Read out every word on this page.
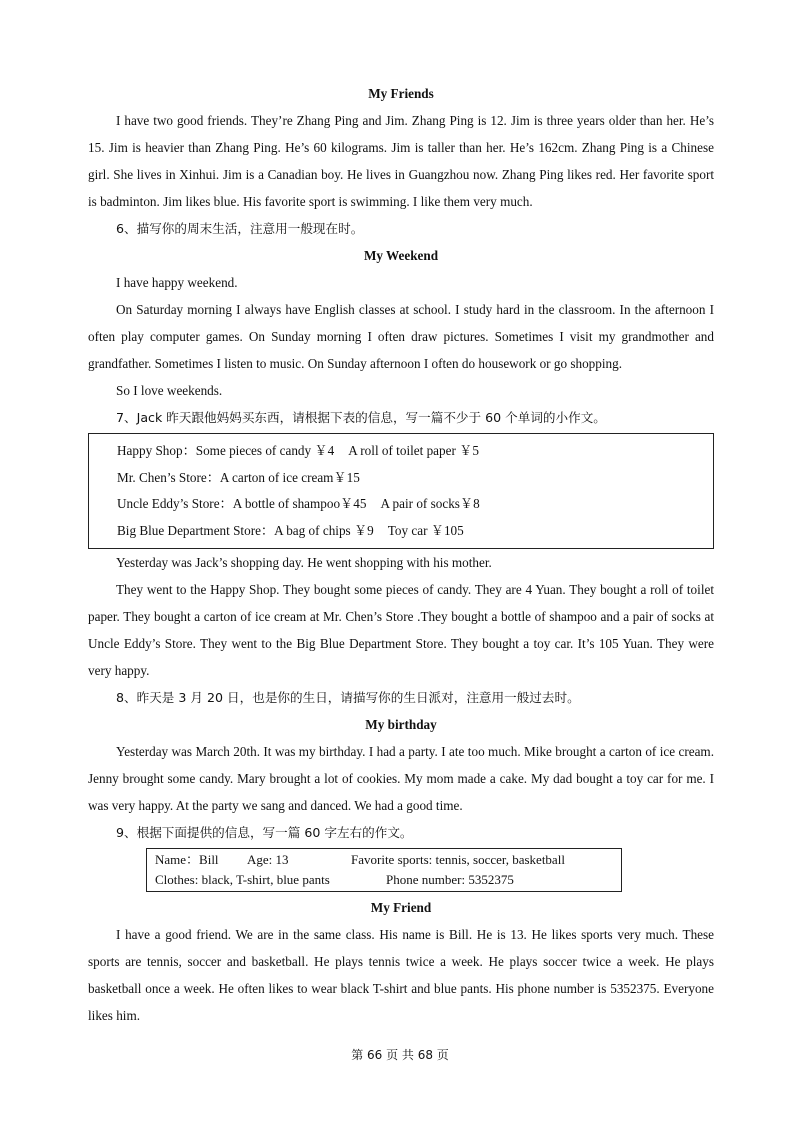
My Friends

I have two good friends. They’re Zhang Ping and Jim. Zhang Ping is 12. Jim is three years older than her. He’s 15. Jim is heavier than Zhang Ping. He’s 60 kilograms. Jim is taller than her. He’s 162cm. Zhang Ping is a Chinese girl. She lives in Xinhui. Jim is a Canadian boy. He lives in Guangzhou now. Zhang Ping likes red. Her favorite sport is badminton. Jim likes blue. His favorite sport is swimming. I like them very much.

6、描写你的周末生活，注意用一般现在时。

My Weekend

I have happy weekend.

On Saturday morning I always have English classes at school. I study hard in the classroom. In the afternoon I often play computer games. On Sunday morning I often draw pictures. Sometimes I visit my grandmother and grandfather. Sometimes I listen to music. On Sunday afternoon I often do housework or go shopping.

So I love weekends.

7、Jack 昨天跟他妈妈买东西，请根据下表的信息，写一篇不少于 60 个单词的小作文。

Happy Shop：Some pieces of candy ￥4 A roll of toilet paper ￥5
Mr. Chen’s Store：A carton of ice cream￥15
Uncle Eddy’s Store：A bottle of shampoo￥45 A pair of socks￥8
Big Blue Department Store：A bag of chips ￥9 Toy car ￥105

Yesterday was Jack’s shopping day. He went shopping with his mother.

They went to the Happy Shop. They bought some pieces of candy. They are 4 Yuan. They bought a roll of toilet paper. They bought a carton of ice cream at Mr. Chen’s Store .They bought a bottle of shampoo and a pair of socks at Uncle Eddy’s Store. They went to the Big Blue Department Store. They bought a toy car. It’s 105 Yuan. They were very happy.

8、昨天是 3 月 20 日，也是你的生日，请描写你的生日派对，注意用一般过去时。

My birthday

Yesterday was March 20th. It was my birthday. I had a party. I ate too much. Mike brought a carton of ice cream. Jenny brought some candy. Mary brought a lot of cookies. My mom made a cake. My dad bought a toy car for me. I was very happy. At the party we sang and danced. We had a good time.

9、根据下面提供的信息，写一篇 60 字左右的作文。

Name：Bill Age: 13	Favorite sports: tennis, soccer, basketball
Clothes: black, T-shirt, blue pants	Phone number: 5352375

My Friend

I have a good friend. We are in the same class. His name is Bill. He is 13. He likes sports very much. These sports are tennis, soccer and basketball. He plays tennis twice a week. He plays soccer twice a week. He plays basketball once a week. He often likes to wear black T-shirt and blue pants. His phone number is 5352375. Everyone likes him.

第 66 页 共 68 页
